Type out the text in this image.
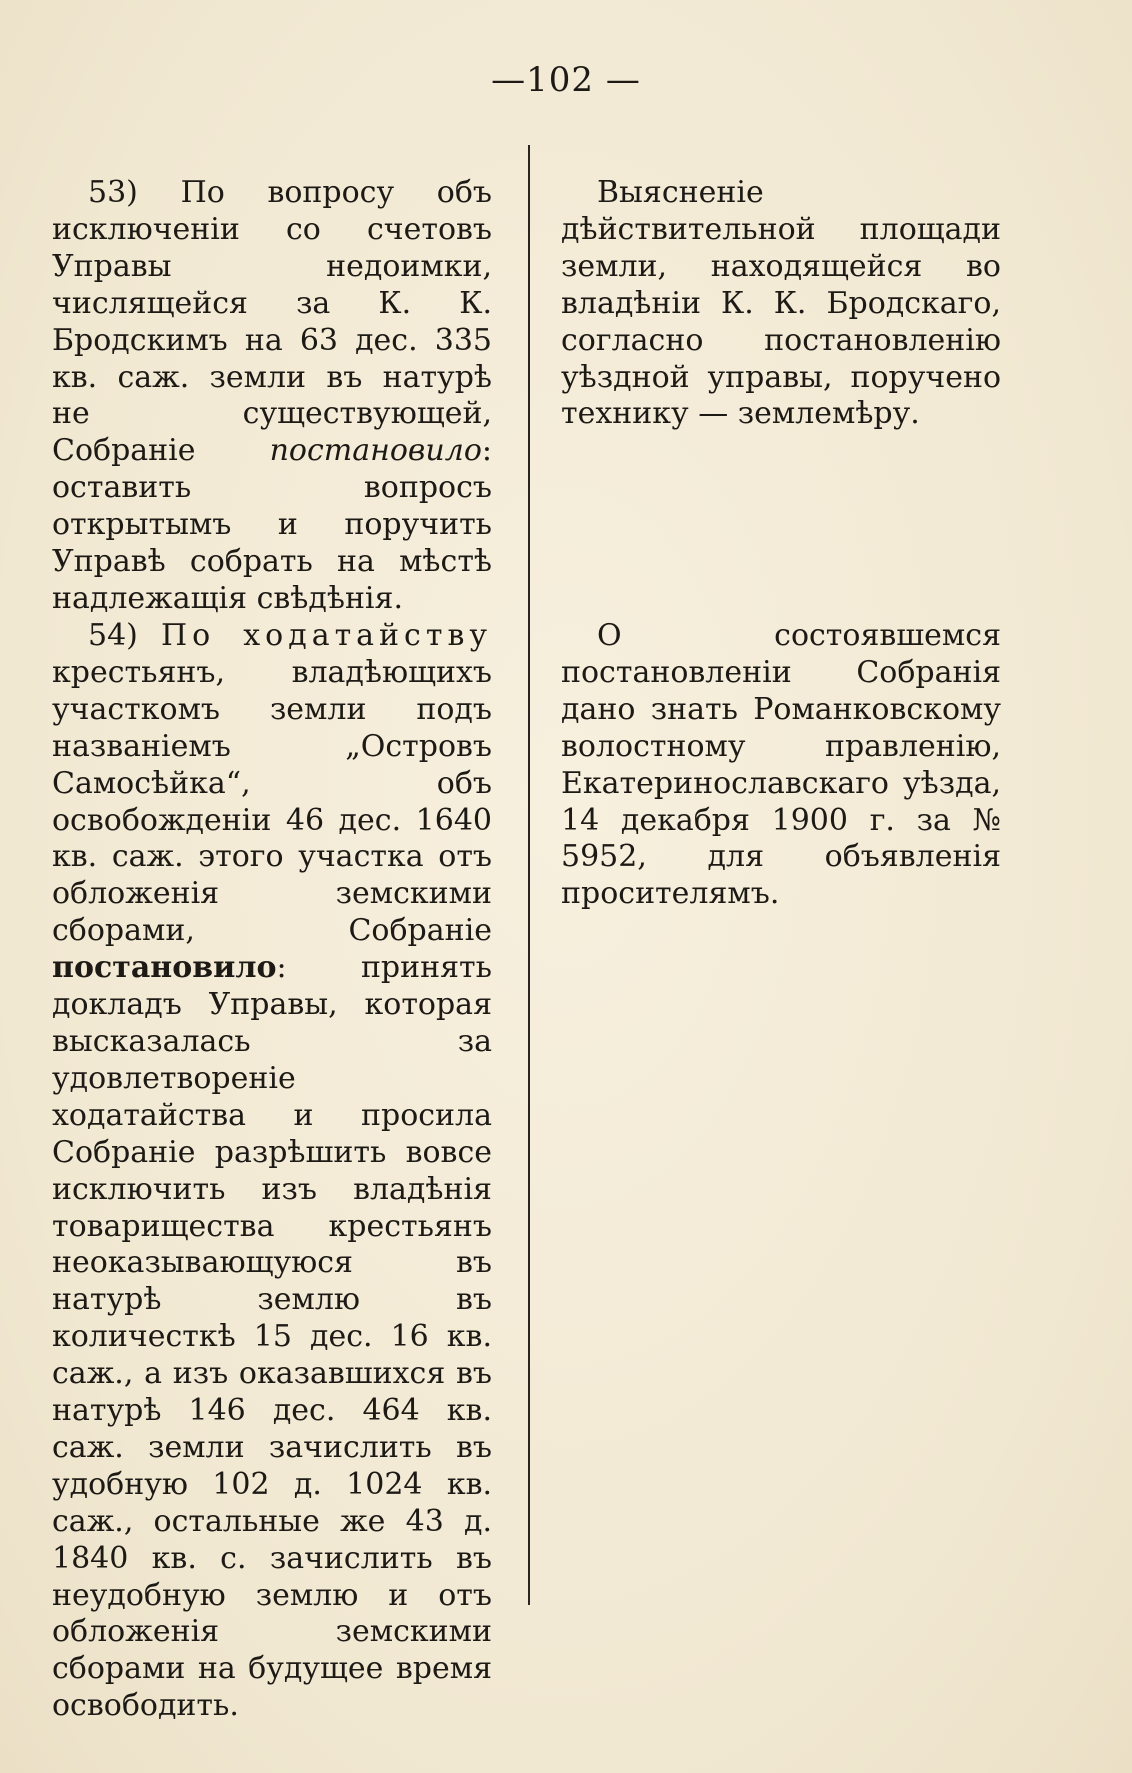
—102 —

53) По вопросу объ исключеніи со счетовъ Управы недоимки, числящейся за К. К. Бродскимъ на 63 дес. 335 кв. саж. земли въ натурѣ не существующей, Собраніе постановило: оставить вопросъ открытымъ и поручить Управѣ собрать на мѣстѣ надлежащія свѣдѣнія.

54) По ходатайству крестьянъ, владѣющихъ участкомъ земли подъ названіемъ „Островъ Самосѣйка“, объ освобожденіи 46 дес. 1640 кв. саж. этого участка отъ обложенія земскими сборами, Собраніе постановило: принять докладъ Управы, которая высказалась за удовлетвореніе ходатайства и просила Собраніе разрѣшить вовсе исключить изъ владѣнія товарищества крестьянъ неоказывающуюся въ натурѣ землю въ количесткѣ 15 дес. 16 кв. саж., а изъ оказавшихся въ натурѣ 146 дес. 464 кв. саж. земли зачислить въ удобную 102 д. 1024 кв. саж., остальные же 43 д. 1840 кв. с. зачислить въ неудобную землю и отъ обложенія земскими сборами на будущее время освободить.

Выясненіе дѣйствительной площади земли, находящейся во владѣніи К. К. Бродскаго, согласно постановленію уѣздной управы, поручено технику — землемѣру.

О состоявшемся постановленіи Собранія дано знать Романковскому волостному правленію, Екатеринославскаго уѣзда, 14 декабря 1900 г. за № 5952, для объявленія просителямъ.
